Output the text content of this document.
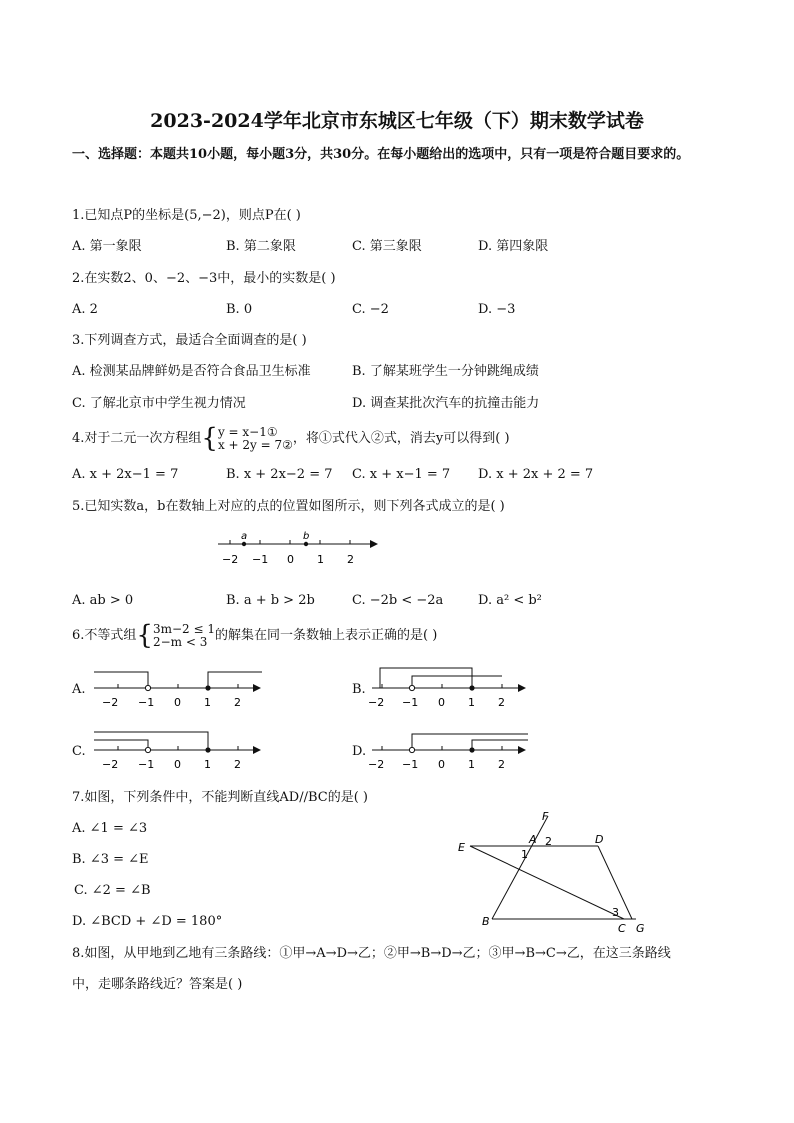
2023-2024学年北京市东城区七年级（下）期末数学试卷
一、选择题：本题共10小题，每小题3分，共30分。在每小题给出的选项中，只有一项是符合题目要求的。
1.已知点P的坐标是(5,−2)，则点P在( )
A. 第一象限	B. 第二象限	C. 第三象限	D. 第四象限
2.在实数2、0、−2、−3中，最小的实数是( )
A. 2	B. 0	C. −2	D. −3
3.下列调查方式，最适合全面调查的是( )
A. 检测某品牌鲜奶是否符合食品卫生标准	B. 了解某班学生一分钟跳绳成绩
C. 了解北京市中学生视力情况	D. 调查某批次汽车的抗撞击能力
4.对于二元一次方程组{y = x−1①
x + 2y = 7②，将①式代入②式，消去y可以得到( )
A. x + 2x−1 = 7	B. x + 2x−2 = 7 C. x + x−1 = 7 D. x + 2x + 2 = 7
5.已知实数a，b在数轴上对应的点的位置如图所示，则下列各式成立的是( )
a	b
−2 −1 0 1 2
A. ab > 0	B. a + b > 2b	C. −2b < −2a	D. a² < b²
6.不等式组{3m−2 ≤ 1
2−m < 3 的解集在同一条数轴上表示正确的是( )
A.
−2 −1 0 1 2
B.
−2 −1 0 1 2
C.
−2 −1 0 1 2
D.
−2 −1 0 1 2
7.如图，下列条件中，不能判断直线AD//BC的是( )
A. ∠1 = ∠3
B. ∠3 = ∠E
C. ∠2 = ∠B
D. ∠BCD + ∠D = 180°
F
A 2	D
E
1
B
3
C G
8.如图，从甲地到乙地有三条路线：①甲→A→D→乙；②甲→B→D→乙；③甲→B→C→乙，在这三条路线
中，走哪条路线近？答案是( )
